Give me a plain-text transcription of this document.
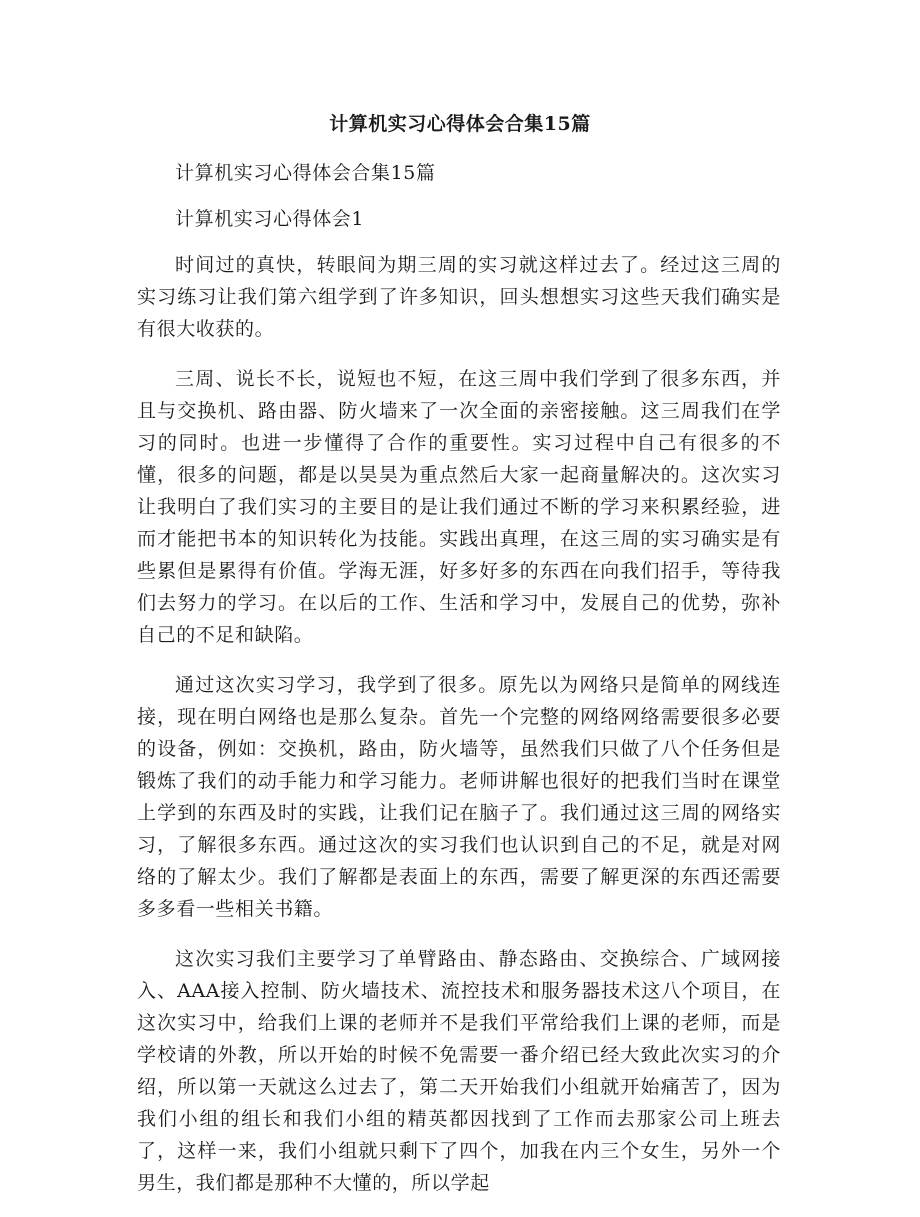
计算机实习心得体会合集15篇

计算机实习心得体会合集15篇

计算机实习心得体会1

时间过的真快，转眼间为期三周的实习就这样过去了。经过这三周的实习练习让我们第六组学到了许多知识，回头想想实习这些天我们确实是有很大收获的。

三周、说长不长，说短也不短，在这三周中我们学到了很多东西，并且与交换机、路由器、防火墙来了一次全面的亲密接触。这三周我们在学习的同时。也进一步懂得了合作的重要性。实习过程中自己有很多的不懂，很多的问题，都是以昊昊为重点然后大家一起商量解决的。这次实习让我明白了我们实习的主要目的是让我们通过不断的学习来积累经验，进而才能把书本的知识转化为技能。实践出真理，在这三周的实习确实是有些累但是累得有价值。学海无涯，好多好多的东西在向我们招手，等待我们去努力的学习。在以后的工作、生活和学习中，发展自己的优势，弥补自己的不足和缺陷。

通过这次实习学习，我学到了很多。原先以为网络只是简单的网线连接，现在明白网络也是那么复杂。首先一个完整的网络网络需要很多必要的设备，例如：交换机，路由，防火墙等，虽然我们只做了八个任务但是锻炼了我们的动手能力和学习能力。老师讲解也很好的把我们当时在课堂上学到的东西及时的实践，让我们记在脑子了。我们通过这三周的网络实习，了解很多东西。通过这次的实习我们也认识到自己的不足，就是对网络的了解太少。我们了解都是表面上的东西，需要了解更深的东西还需要多多看一些相关书籍。

这次实习我们主要学习了单臂路由、静态路由、交换综合、广域网接入、AAA接入控制、防火墙技术、流控技术和服务器技术这八个项目，在这次实习中，给我们上课的老师并不是我们平常给我们上课的老师，而是学校请的外教，所以开始的时候不免需要一番介绍已经大致此次实习的介绍，所以第一天就这么过去了，第二天开始我们小组就开始痛苦了，因为我们小组的组长和我们小组的精英都因找到了工作而去那家公司上班去了，这样一来，我们小组就只剩下了四个，加我在内三个女生，另外一个男生，我们都是那种不大懂的，所以学起
